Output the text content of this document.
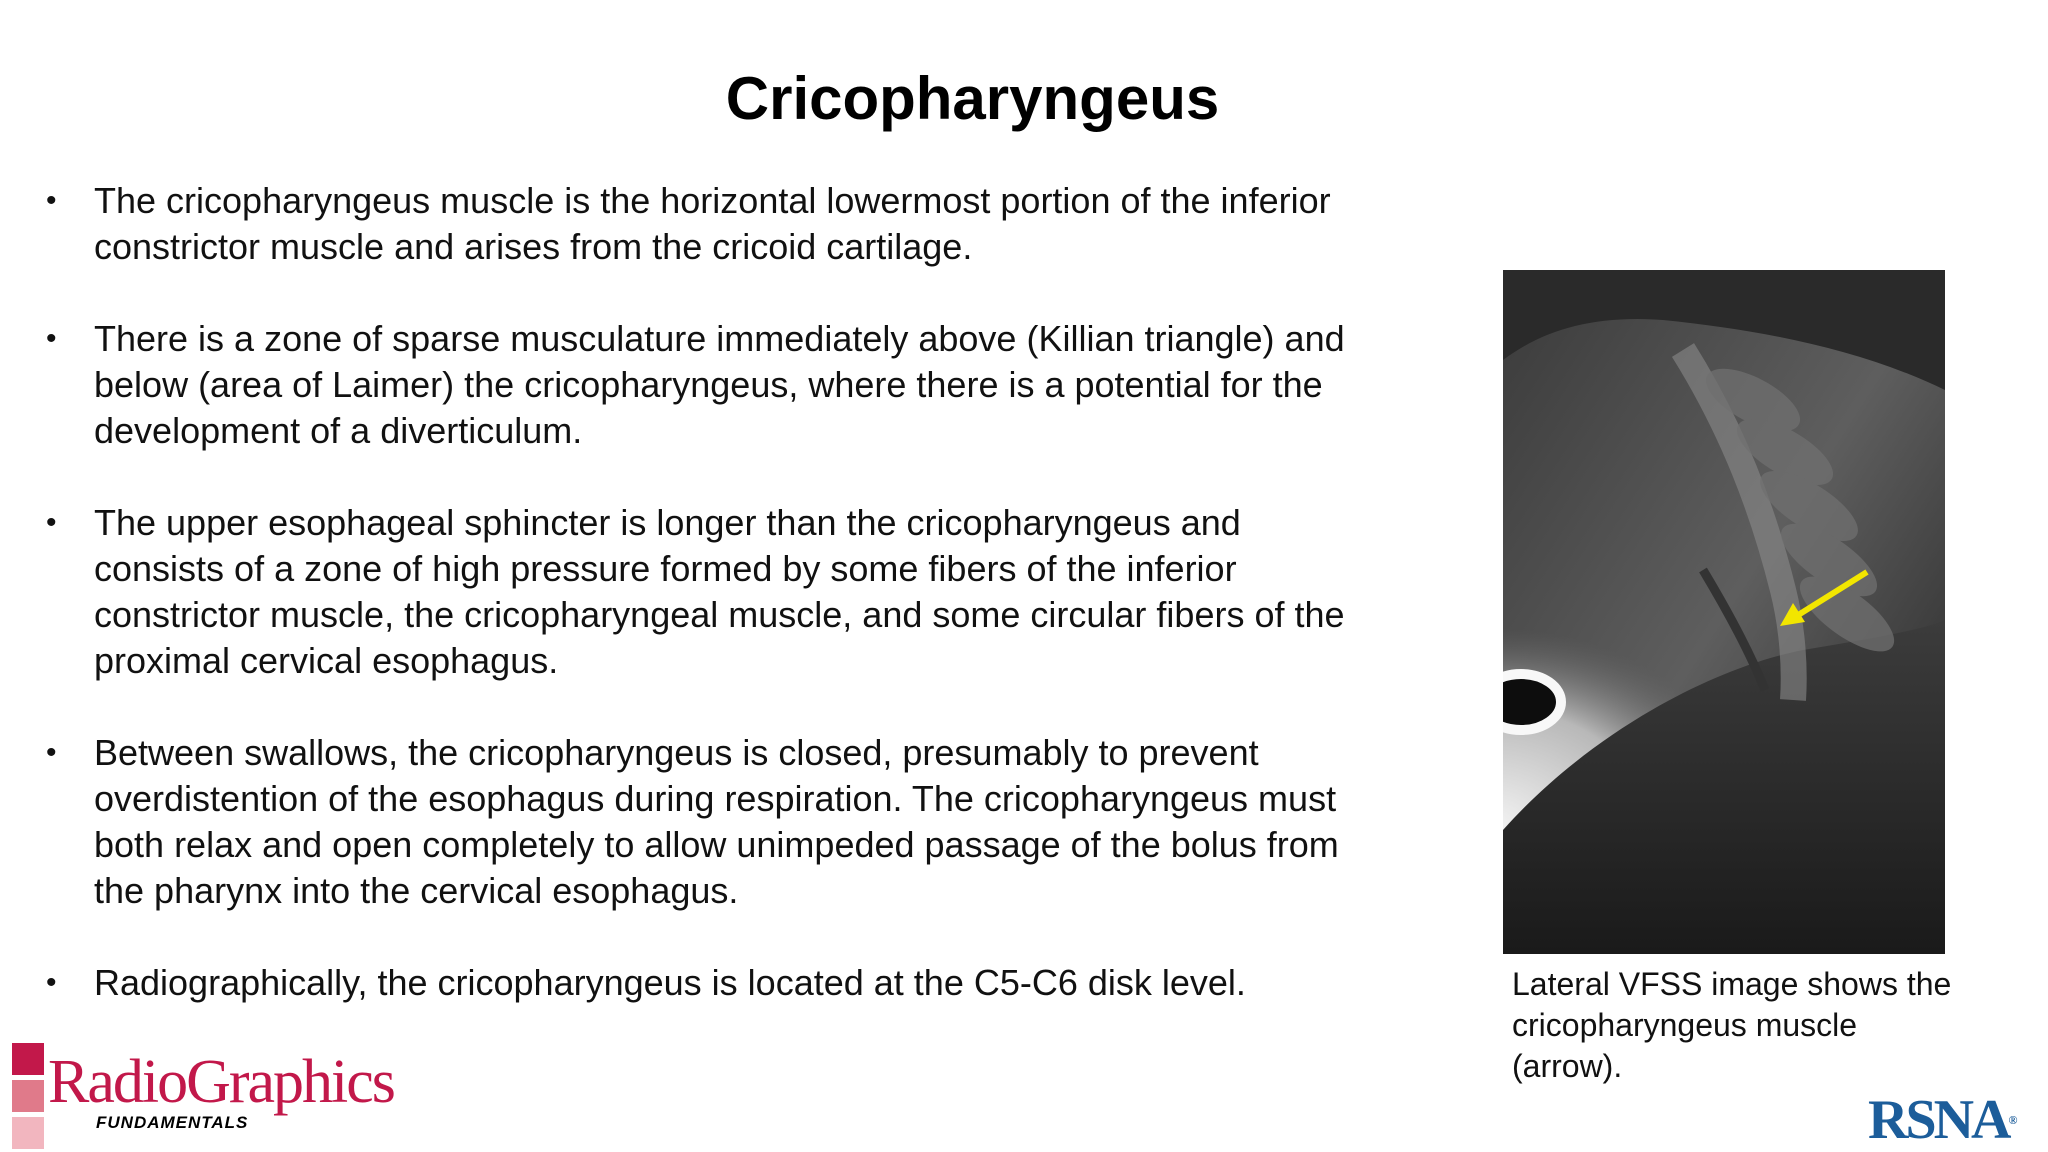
Cricopharyngeus
• The cricopharyngeus muscle is the horizontal lowermost portion of the inferior constrictor muscle and arises from the cricoid cartilage.
• There is a zone of sparse musculature immediately above (Killian triangle) and below (area of Laimer) the cricopharyngeus, where there is a potential for the development of a diverticulum.
• The upper esophageal sphincter is longer than the cricopharyngeus and consists of a zone of high pressure formed by some fibers of the inferior constrictor muscle, the cricopharyngeal muscle, and some circular fibers of the proximal cervical esophagus.
• Between swallows, the cricopharyngeus is closed, presumably to prevent overdistention of the esophagus during respiration. The cricopharyngeus must both relax and open completely to allow unimpeded passage of the bolus from the pharynx into the cervical esophagus.
• Radiographically, the cricopharyngeus is located at the C5-C6 disk level.	Lateral VFSS image shows the cricopharyngeus muscle (arrow).
RadioGraphics
FUNDAMENTALS	RSNA®
